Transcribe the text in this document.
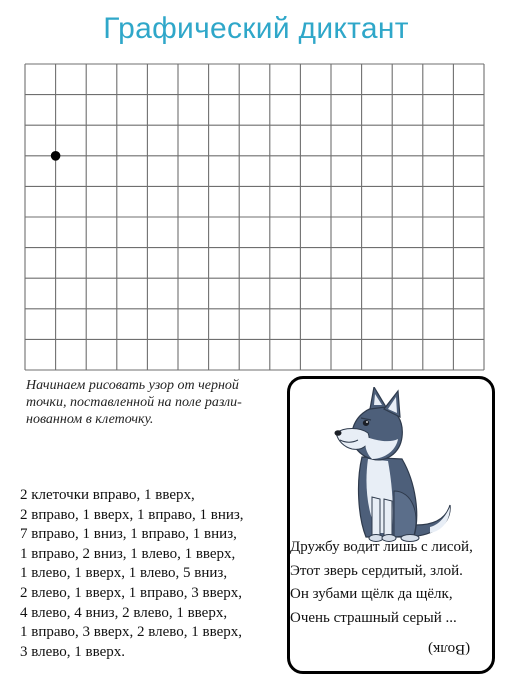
Графический диктант
Начинаем рисовать узор от черной
точки, поставленной на поле разли-
нованном в клеточку.
2 клеточки вправо, 1 вверх,
2 вправо, 1 вверх, 1 вправо, 1 вниз,
7 вправо, 1 вниз, 1 вправо, 1 вниз,
1 вправо, 2 вниз, 1 влево, 1 вверх,
1 влево, 1 вверх, 1 влево, 5 вниз,
2 влево, 1 вверх, 1 вправо, 3 вверх,
4 влево, 4 вниз, 2 влево, 1 вверх,
1 вправо, 3 вверх, 2 влево, 1 вверх,
3 влево, 1 вверх.
Дружбу водит лишь с лисой,
Этот зверь сердитый, злой.
Он зубами щёлк да щёлк,
Очень страшный серый ...
(Волк)
